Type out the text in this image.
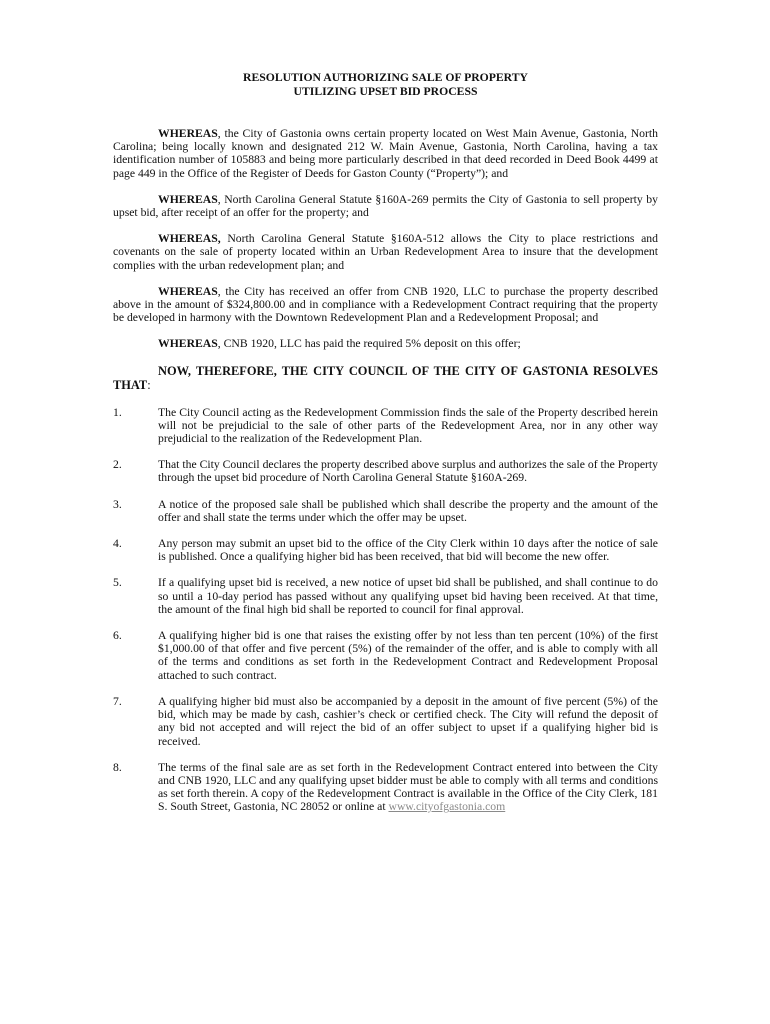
RESOLUTION AUTHORIZING SALE OF PROPERTY
UTILIZING UPSET BID PROCESS

WHEREAS, the City of Gastonia owns certain property located on West Main Avenue, Gastonia, North Carolina; being locally known and designated 212 W. Main Avenue, Gastonia, North Carolina, having a tax identification number of 105883 and being more particularly described in that deed recorded in Deed Book 4499 at page 449 in the Office of the Register of Deeds for Gaston County (“Property”); and

WHEREAS, North Carolina General Statute §160A-269 permits the City of Gastonia to sell property by upset bid, after receipt of an offer for the property; and

WHEREAS, North Carolina General Statute §160A-512 allows the City to place restrictions and covenants on the sale of property located within an Urban Redevelopment Area to insure that the development complies with the urban redevelopment plan; and

WHEREAS, the City has received an offer from CNB 1920, LLC to purchase the property described above in the amount of $324,800.00 and in compliance with a Redevelopment Contract requiring that the property be developed in harmony with the Downtown Redevelopment Plan and a Redevelopment Proposal; and

WHEREAS, CNB 1920, LLC has paid the required 5% deposit on this offer;

NOW, THEREFORE, THE CITY COUNCIL OF THE CITY OF GASTONIA RESOLVES THAT:

1.	The City Council acting as the Redevelopment Commission finds the sale of the Property described herein will not be prejudicial to the sale of other parts of the Redevelopment Area, nor in any other way prejudicial to the realization of the Redevelopment Plan.
2.	That the City Council declares the property described above surplus and authorizes the sale of the Property through the upset bid procedure of North Carolina General Statute §160A-269.
3.	A notice of the proposed sale shall be published which shall describe the property and the amount of the offer and shall state the terms under which the offer may be upset.
4.	Any person may submit an upset bid to the office of the City Clerk within 10 days after the notice of sale is published. Once a qualifying higher bid has been received, that bid will become the new offer.
5.	If a qualifying upset bid is received, a new notice of upset bid shall be published, and shall continue to do so until a 10-day period has passed without any qualifying upset bid having been received. At that time, the amount of the final high bid shall be reported to council for final approval.
6.	A qualifying higher bid is one that raises the existing offer by not less than ten percent (10%) of the first $1,000.00 of that offer and five percent (5%) of the remainder of the offer, and is able to comply with all of the terms and conditions as set forth in the Redevelopment Contract and Redevelopment Proposal attached to such contract.
7.	A qualifying higher bid must also be accompanied by a deposit in the amount of five percent (5%) of the bid, which may be made by cash, cashier’s check or certified check. The City will refund the deposit of any bid not accepted and will reject the bid of an offer subject to upset if a qualifying higher bid is received.
8.	The terms of the final sale are as set forth in the Redevelopment Contract entered into between the City and CNB 1920, LLC and any qualifying upset bidder must be able to comply with all terms and conditions as set forth therein. A copy of the Redevelopment Contract is available in the Office of the City Clerk, 181 S. South Street, Gastonia, NC 28052 or online at www.cityofgastonia.com
